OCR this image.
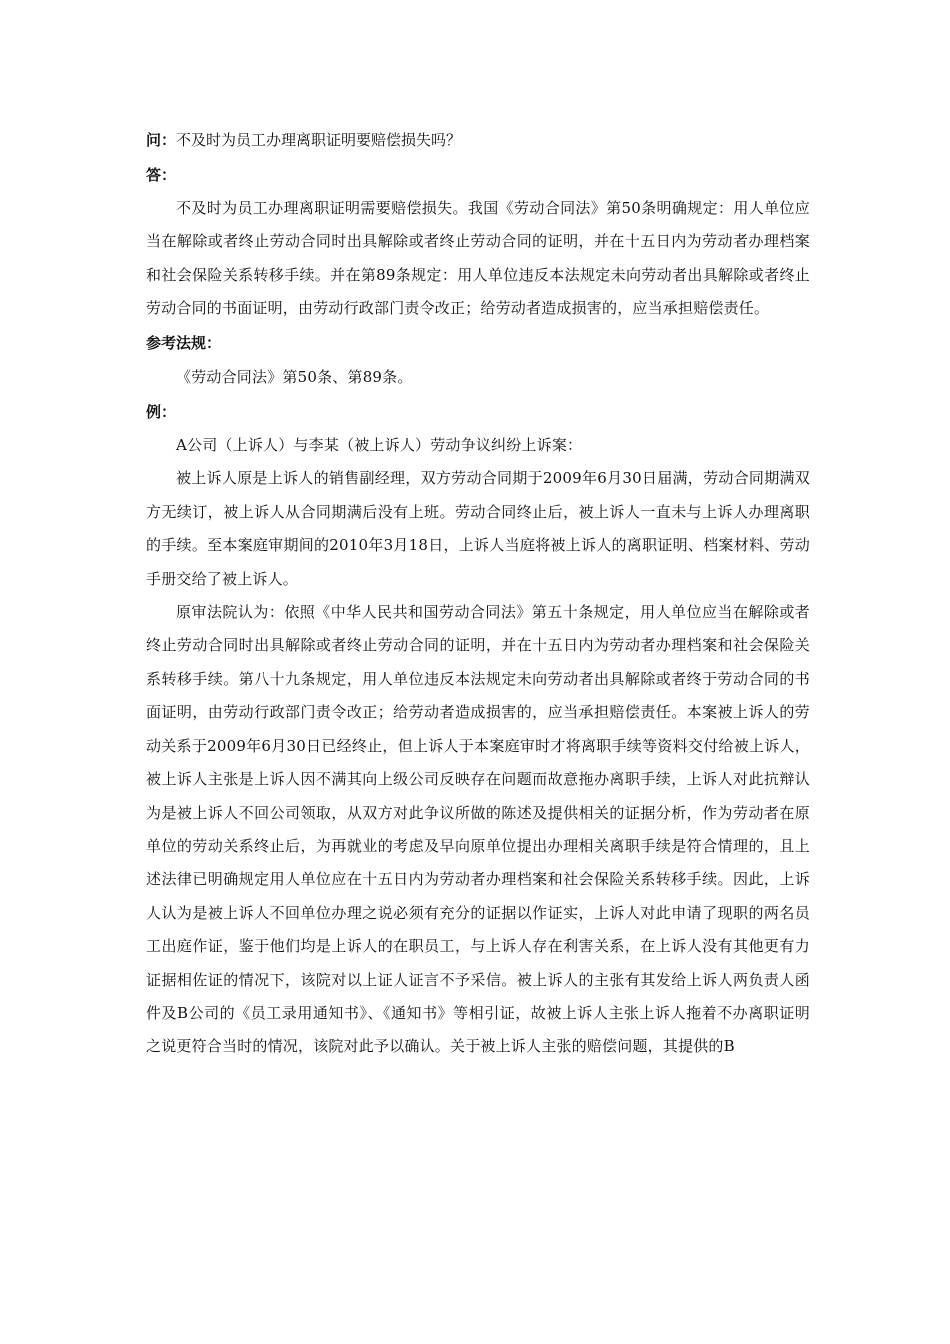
问： 不及时为员工办理离职证明要赔偿损失吗？

答：

不及时为员工办理离职证明需要赔偿损失。我国《劳动合同法》第50条明确规定：用人单位应当在解除或者终止劳动合同时出具解除或者终止劳动合同的证明，并在十五日内为劳动者办理档案和社会保险关系转移手续。并在第89条规定：用人单位违反本法规定未向劳动者出具解除或者终止劳动合同的书面证明，由劳动行政部门责令改正；给劳动者造成损害的，应当承担赔偿责任。

参考法规：

《劳动合同法》第50条、第89条。

例：

A公司（上诉人）与李某（被上诉人）劳动争议纠纷上诉案：

被上诉人原是上诉人的销售副经理，双方劳动合同期于2009年6月30日届满，劳动合同期满双方无续订，被上诉人从合同期满后没有上班。劳动合同终止后，被上诉人一直未与上诉人办理离职的手续。至本案庭审期间的2010年3月18日，上诉人当庭将被上诉人的离职证明、档案材料、劳动手册交给了被上诉人。

原审法院认为：依照《中华人民共和国劳动合同法》第五十条规定，用人单位应当在解除或者终止劳动合同时出具解除或者终止劳动合同的证明，并在十五日内为劳动者办理档案和社会保险关系转移手续。第八十九条规定，用人单位违反本法规定未向劳动者出具解除或者终于劳动合同的书面证明，由劳动行政部门责令改正；给劳动者造成损害的，应当承担赔偿责任。本案被上诉人的劳动关系于2009年6月30日已经终止，但上诉人于本案庭审时才将离职手续等资料交付给被上诉人，被上诉人主张是上诉人因不满其向上级公司反映存在问题而故意拖办离职手续，上诉人对此抗辩认为是被上诉人不回公司领取，从双方对此争议所做的陈述及提供相关的证据分析，作为劳动者在原单位的劳动关系终止后，为再就业的考虑及早向原单位提出办理相关离职手续是符合情理的，且上述法律已明确规定用人单位应在十五日内为劳动者办理档案和社会保险关系转移手续。因此，上诉人认为是被上诉人不回单位办理之说必须有充分的证据以作证实，上诉人对此申请了现职的两名员工出庭作证，鉴于他们均是上诉人的在职员工，与上诉人存在利害关系，在上诉人没有其他更有力证据相佐证的情况下，该院对以上证人证言不予采信。被上诉人的主张有其发给上诉人两负责人函件及B公司的《员工录用通知书》、《通知书》等相引证，故被上诉人主张上诉人拖着不办离职证明之说更符合当时的情况，该院对此予以确认。关于被上诉人主张的赔偿问题，其提供的B
